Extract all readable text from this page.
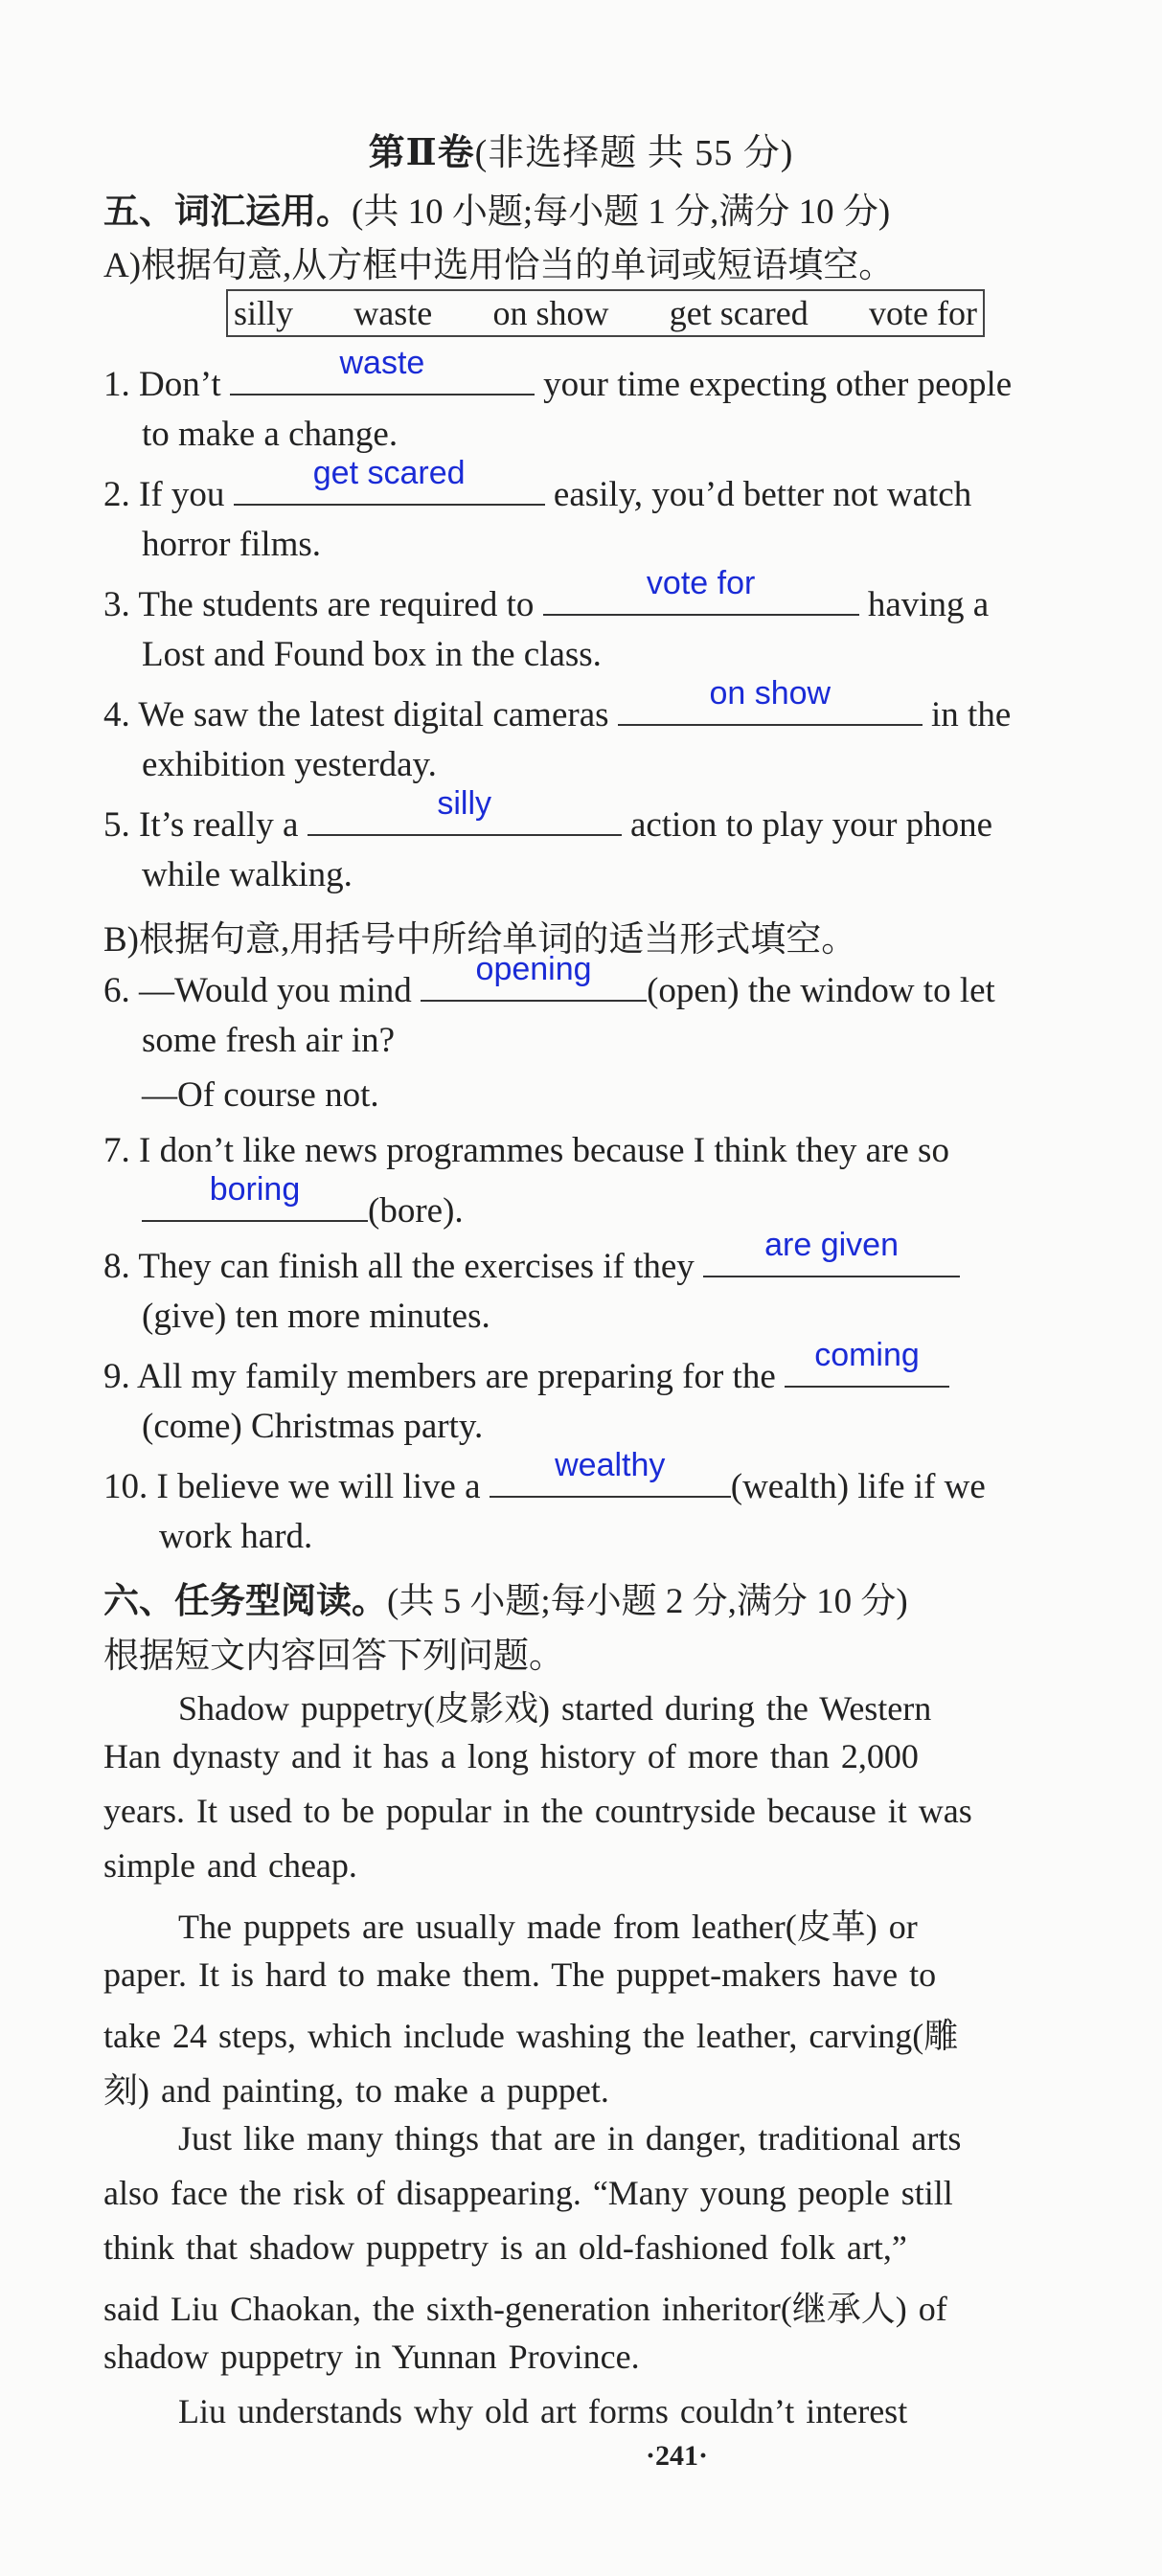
第Ⅱ卷(非选择题 共 55 分)
五、词汇运用。(共 10 小题;每小题 1 分,满分 10 分)
A)根据句意,从方框中选用恰当的单词或短语填空。
silly waste on show get scared vote for
1. Don’t
waste
your time expecting other people
to make a change.
2. If you
get scared
easily, you’d better not watch
horror films.
3. The students are required to
vote for
having a
Lost and Found box in the class.
4. We saw the latest digital cameras
on show
in the
exhibition yesterday.
5. It’s really a
silly
action to play your phone
while walking.
B)根据句意,用括号中所给单词的适当形式填空。
6. —Would you mind
opening
(open) the window to let
some fresh air in?
—Of course not.
7. I don’t like news programmes because I think they are so
boring
(bore).
8. They can finish all the exercises if they
are given
(give) ten more minutes.
9. All my family members are preparing for the
coming
(come) Christmas party.
10. I believe we will live a
wealthy
(wealth) life if we
work hard.
六、任务型阅读。(共 5 小题;每小题 2 分,满分 10 分)
根据短文内容回答下列问题。
Shadow puppetry(皮影戏) started during the Western
Han dynasty and it has a long history of more than 2,000
years. It used to be popular in the countryside because it was
simple and cheap.
The puppets are usually made from leather(皮革) or
paper. It is hard to make them. The puppet-makers have to
take 24 steps, which include washing the leather, carving(雕
刻) and painting, to make a puppet.
Just like many things that are in danger, traditional arts
also face the risk of disappearing. “Many young people still
think that shadow puppetry is an old-fashioned folk art,”
said Liu Chaokan, the sixth-generation inheritor(继承人) of
shadow puppetry in Yunnan Province.
Liu understands why old art forms couldn’t interest
·241·
